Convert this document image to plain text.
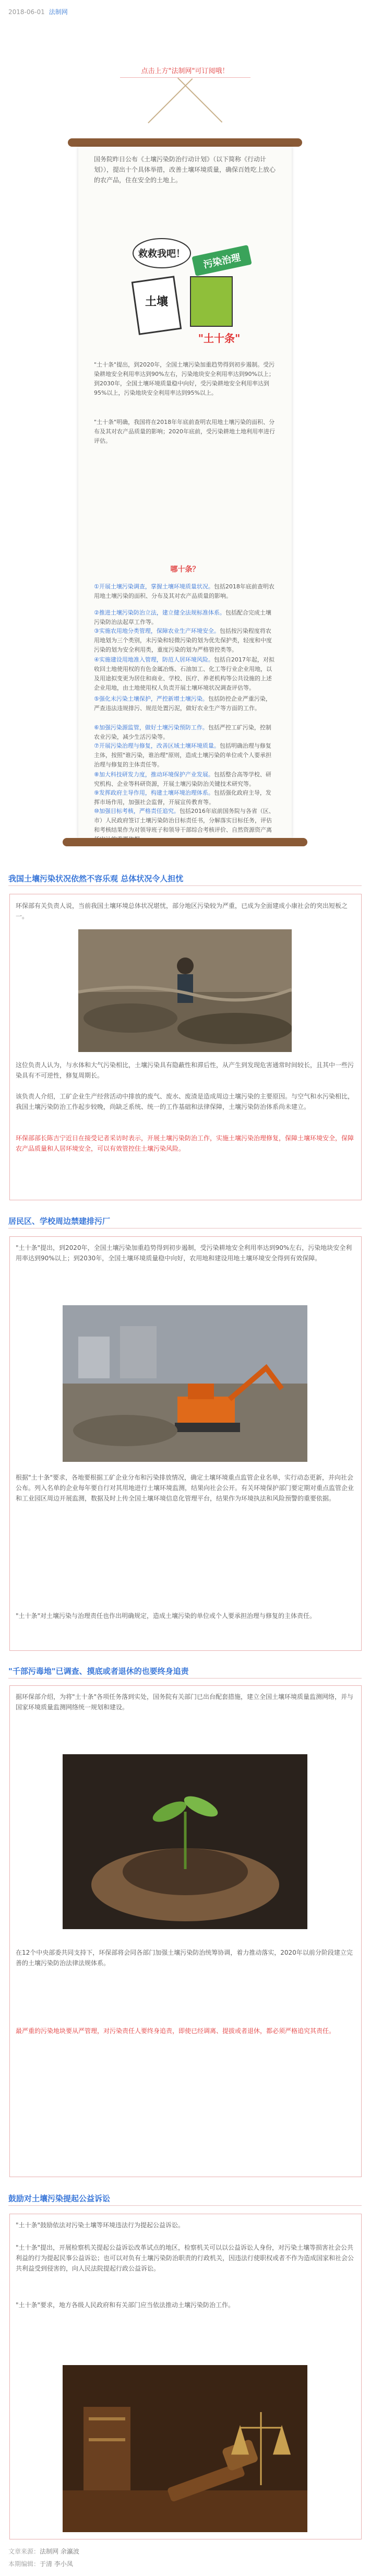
2018-06-01 法制网
点击上方"法制网"可订阅哦！
国务院昨日公布《土壤污染防治行动计划》（以下简称《行动计划》），提出十个具体举措，改善土壤环境质量，确保百姓吃上放心的农产品，住在安全的土地上。
救救我吧！
土壤
污染治理
"土十条"
"土十条"提出，到2020年，全国土壤污染加重趋势得到初步遏制。受污染耕地安全利用率达到90%左右，污染地块安全利用率达到90%以上；到2030年，全国土壤环境质量稳中向好，受污染耕地安全利用率达到95%以上，污染地块安全利用率达到95%以上。
"土十条"明确，我国将在2018年年底前查明农用地土壤污染的面积、分布及其对农产品质量的影响；2020年底前，受污染耕地土地利用率进行评估。
哪十条？
①开展土壤污染调查，掌握土壤环境质量状况。包括2018年底前查明农用地土壤污染的面积、分布及其对农产品质量的影响。
②推进土壤污染防治立法，建立健全法规标准体系。包括配合完成土壤污染防治法起草工作等。
③实施农用地分类管理，保障农业生产环境安全。包括按污染程度将农用地划为三个类别，未污染和轻微污染的划为优先保护类，轻度和中度污染的划为安全利用类，重度污染的划为严格管控类等。
④实施建设用地准入管理，防范人居环境风险。包括自2017年起，对拟收回土地使用权的有色金属冶炼、石油加工、化工等行业企业用地，以及用途拟变更为居住和商业、学校、医疗、养老机构等公共设施的上述企业用地，由土地使用权人负责开展土壤环境状况调查评估等。
⑤强化未污染土壤保护，严控新增土壤污染。包括防控企业严重污染，严查违法违规排污、规范处置污泥，做好农业生产等方面的工作。
⑥加强污染源监管，做好土壤污染预防工作。包括严控工矿污染，控制农业污染，减少生活污染等。
⑦开展污染治理与修复，改善区域土壤环境质量。包括明确治理与修复主体，按照"谁污染，谁治理"原则，造成土壤污染的单位或个人要承担治理与修复的主体责任等。
⑧加大科技研发力度，推动环境保护产业发展。包括整合高等学校、研究机构、企业等科研资源，开展土壤污染防治关键技术研究等。
⑨发挥政府主导作用，构建土壤环境治理体系。包括强化政府主导，发挥市场作用，加强社会监督，开展宣传教育等。
⑩加强目标考核，严格责任追究。包括2016年底前国务院与各省（区、市）人民政府签订土壤污染防治目标责任书，分解落实目标任务，评估和考核结果作为对领导班子和领导干部综合考核评价、自然资源资产离
我国土壤污染状况依然不容乐观 总体状况令人担忧
环保部有关负责人说，当前我国土壤环境总体状况堪忧，部分地区污染较为严重，已成为全面建成小康社会的突出短板之一。
这位负责人认为，与水体和大气污染相比，土壤污染具有隐蔽性和滞后性，从产生到发现危害通常时间较长，且其中一些污染具有不可逆性，修复周期长。
该负责人介绍，工矿企业生产经营活动中排放的废气、废水、废渣是造成周边土壤污染的主要原因。与空气和水污染相比，我国土壤污染防治工作起步较晚，尚缺乏系统、统一的工作基础和法律保障，土壤污染防治体系尚未建立。
环保部部长陈吉宁近日在接受记者采访时表示，开展土壤污染防治工作，实施土壤污染治理修复，保障土壤环境安全，保障农产品质量和人居环境安全，可以有效管控住土壤污染风险。
居民区、学校周边禁建排污厂
"土十条"提出，到2020年，全国土壤污染加重趋势得到初步遏制，受污染耕地安全利用率达到90%左右，污染地块安全利用率达到90%以上；到2030年，全国土壤环境质量稳中向好，农用地和建设用地土壤环境安全得到有效保障。
根据"土十条"要求，各地要根据工矿企业分布和污染排放情况，确定土壤环境重点监管企业名单，实行动态更新，并向社会公布。列入名单的企业每年要自行对其用地进行土壤环境监测，结果向社会公开。有关环境保护部门要定期对重点监管企业和工业园区周边开展监测，数据及时上传全国土壤环境信息化管理平台，结果作为环境执法和风险预警的重要依据。
"土十条"对土壤污染与治理责任也作出明确规定，造成土壤污染的单位或个人要承担治理与修复的主体责任。
"千部污毒地"已调查、摸底或者退休的也要终身追责
据环保部介绍，为将"土十条"各项任务落到实处，国务院有关部门已出台配套措施，建立全国土壤环境质量监测网络，并与国家环境质量监测网络统一规划和建设。
在12个中央部委共同支持下，环保部将会同各部门加强土壤污染防治统筹协调，着力推动落实，2020年以前分阶段建立完善的土壤污染防治法律法规体系。
最严重的污染地块要从严管理，对污染责任人要终身追责，即使已经调离、提拔或者退休，都必须严格追究其责任。
鼓励对土壤污染提起公益诉讼
"土十条"鼓励依法对污染土壤等环境违法行为提起公益诉讼。
"土十条"提出，开展检察机关提起公益诉讼改革试点的地区，检察机关可以以公益诉讼人身份，对污染土壤等损害社会公共利益的行为提起民事公益诉讼；也可以对负有土壤污染防治职责的行政机关，因违法行使职权或者不作为造成国家和社会公共利益受到侵害的，向人民法院提起行政公益诉讼。
"土十条"要求，地方各级人民政府和有关部门应当依法推动土壤污染防治工作。
文章来源：法制网 余瀛波
本期编辑：于清 李小凤
